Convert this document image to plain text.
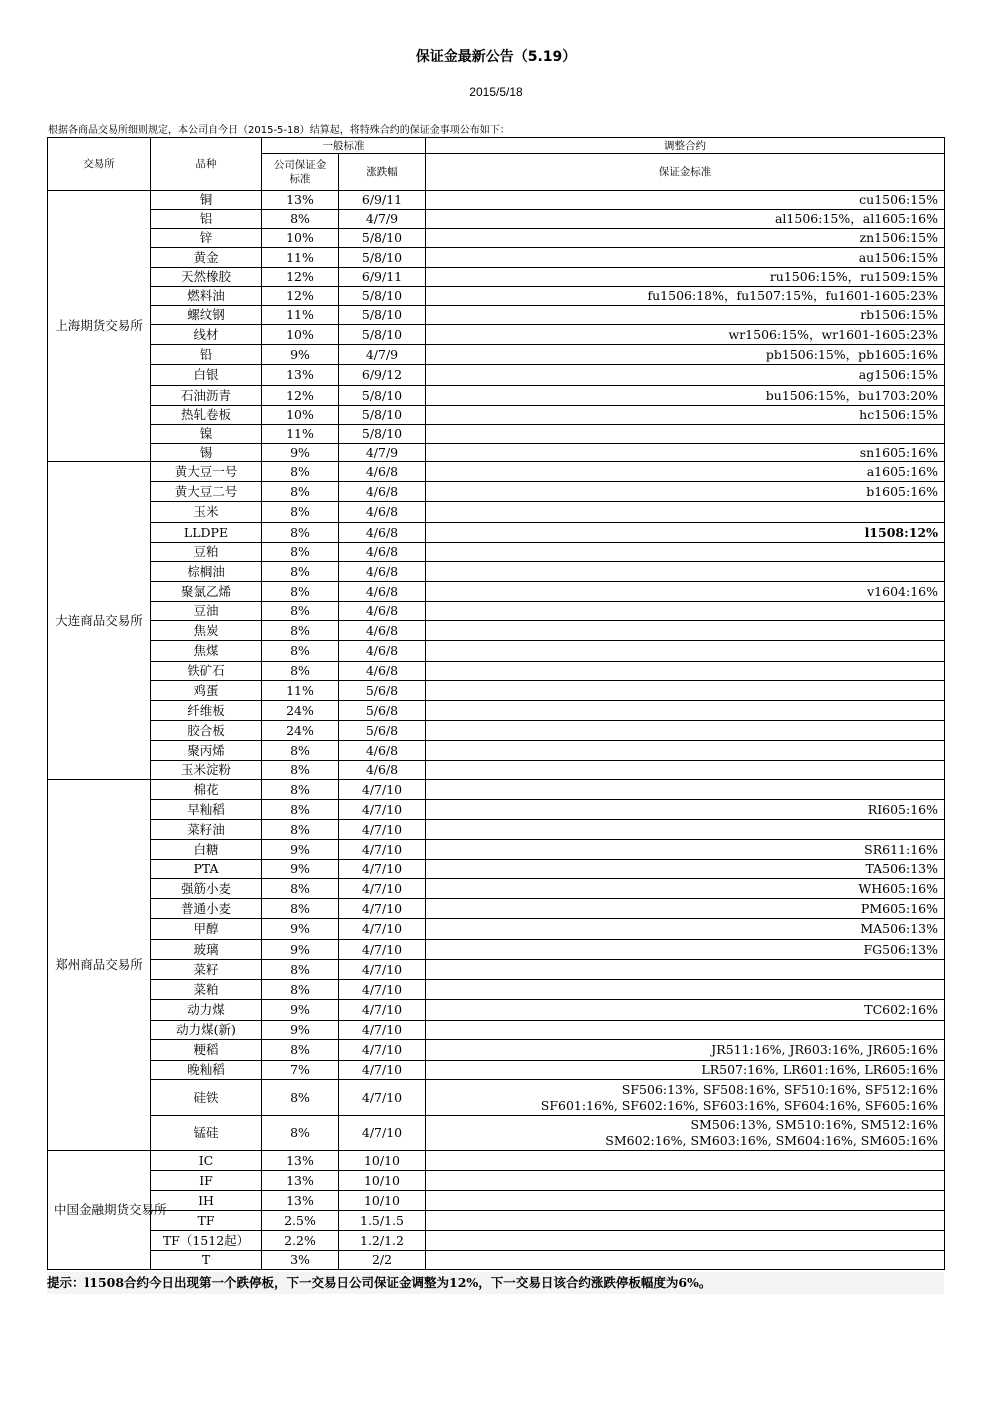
保证金最新公告（5.19）
2015/5/18
根据各商品交易所细则规定，本公司自今日（2015-5-18）结算起，将特殊合约的保证金事项公布如下：
交易所	品种	一般标准		调整合约
		公司保证金标准	涨跌幅	保证金标准
上海期货交易所	铜	13%	6/9/11	cu1506:15%
	铝	8%	4/7/9	al1506:15%，al1605:16%
	锌	10%	5/8/10	zn1506:15%
	黄金	11%	5/8/10	au1506:15%
	天然橡胶	12%	6/9/11	ru1506:15%，ru1509:15%
	燃料油	12%	5/8/10	fu1506:18%，fu1507:15%，fu1601-1605:23%
	螺纹钢	11%	5/8/10	rb1506:15%
	线材	10%	5/8/10	wr1506:15%，wr1601-1605:23%
	铅	9%	4/7/9	pb1506:15%，pb1605:16%
	白银	13%	6/9/12	ag1506:15%
	石油沥青	12%	5/8/10	bu1506:15%，bu1703:20%
	热轧卷板	10%	5/8/10	hc1506:15%
	镍	11%	5/8/10	
	锡	9%	4/7/9	sn1605:16%
大连商品交易所	黄大豆一号	8%	4/6/8	a1605:16%
	黄大豆二号	8%	4/6/8	b1605:16%
	玉米	8%	4/6/8	
	LLDPE	8%	4/6/8	l1508:12%
	豆粕	8%	4/6/8	
	棕榈油	8%	4/6/8	
	聚氯乙烯	8%	4/6/8	v1604:16%
	豆油	8%	4/6/8	
	焦炭	8%	4/6/8	
	焦煤	8%	4/6/8	
	铁矿石	8%	4/6/8	
	鸡蛋	11%	5/6/8	
	纤维板	24%	5/6/8	
	胶合板	24%	5/6/8	
	聚丙烯	8%	4/6/8	
	玉米淀粉	8%	4/6/8	
郑州商品交易所	棉花	8%	4/7/10	
	早籼稻	8%	4/7/10	RI605:16%
	菜籽油	8%	4/7/10	
	白糖	9%	4/7/10	SR611:16%
	PTA	9%	4/7/10	TA506:13%
	强筋小麦	8%	4/7/10	WH605:16%
	普通小麦	8%	4/7/10	PM605:16%
	甲醇	9%	4/7/10	MA506:13%
	玻璃	9%	4/7/10	FG506:13%
	菜籽	8%	4/7/10	
	菜粕	8%	4/7/10	
	动力煤	9%	4/7/10	TC602:16%
	动力煤(新)	9%	4/7/10	
	粳稻	8%	4/7/10	JR511:16%, JR603:16%, JR605:16%
	晚籼稻	7%	4/7/10	LR507:16%, LR601:16%, LR605:16%
	硅铁	8%	4/7/10	SF506:13%, SF508:16%, SF510:16%, SF512:16%
SF601:16%, SF602:16%, SF603:16%, SF604:16%, SF605:16%

	锰硅	8%	4/7/10	SM506:13%, SM510:16%, SM512:16%
SM602:16%, SM603:16%, SM604:16%, SM605:16%

中国金融期货交易所	IC	13%	10/10	
	IF	13%	10/10	
	IH	13%	10/10	
	TF	2.5%	1.5/1.5	
	TF（1512起）	2.2%	1.2/1.2	
	T	3%	2/2	
提示：l1508合约今日出现第一个跌停板，下一交易日公司保证金调整为12%，下一交易日该合约涨跌停板幅度为6%。
